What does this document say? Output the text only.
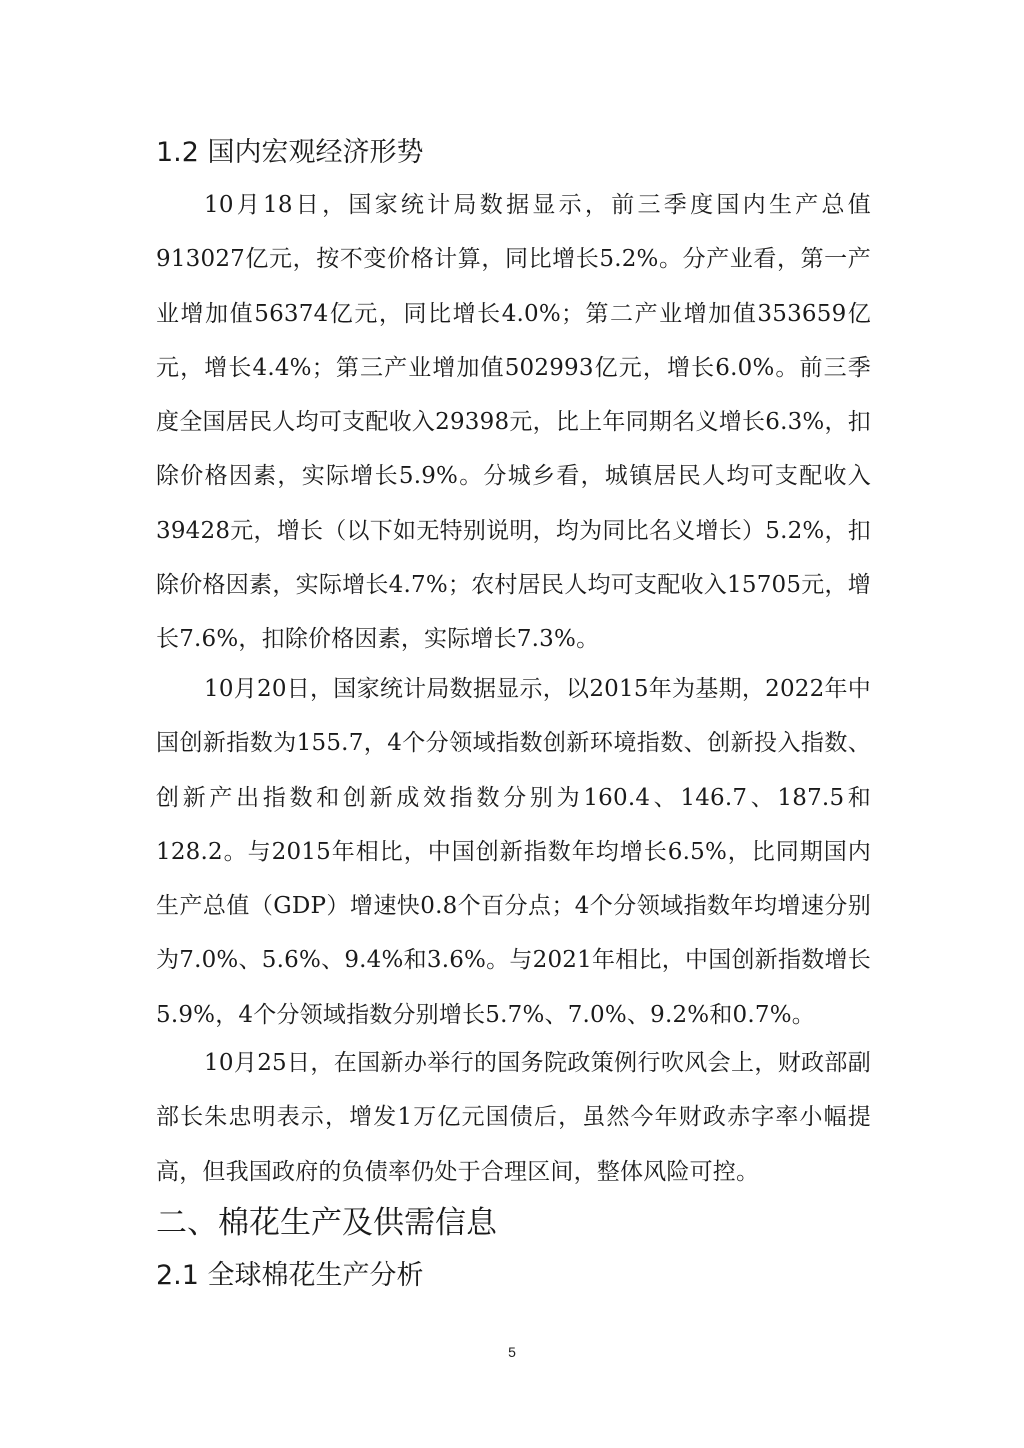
1.2 国内宏观经济形势

10月18日，国家统计局数据显示，前三季度国内生产总值913027亿元，按不变价格计算，同比增长5.2%。分产业看，第一产业增加值56374亿元，同比增长4.0%；第二产业增加值353659亿元，增长4.4%；第三产业增加值502993亿元，增长6.0%。前三季度全国居民人均可支配收入29398元，比上年同期名义增长6.3%，扣除价格因素，实际增长5.9%。分城乡看，城镇居民人均可支配收入39428元，增长（以下如无特别说明，均为同比名义增长）5.2%，扣除价格因素，实际增长4.7%；农村居民人均可支配收入15705元，增长7.6%，扣除价格因素，实际增长7.3%。

10月20日，国家统计局数据显示，以2015年为基期，2022年中国创新指数为155.7，4个分领域指数创新环境指数、创新投入指数、创新产出指数和创新成效指数分别为160.4、146.7、187.5和128.2。与2015年相比，中国创新指数年均增长6.5%，比同期国内生产总值（GDP）增速快0.8个百分点；4个分领域指数年均增速分别为7.0%、5.6%、9.4%和3.6%。与2021年相比，中国创新指数增长5.9%，4个分领域指数分别增长5.7%、7.0%、9.2%和0.7%。

10月25日，在国新办举行的国务院政策例行吹风会上，财政部副部长朱忠明表示，增发1万亿元国债后，虽然今年财政赤字率小幅提高，但我国政府的负债率仍处于合理区间，整体风险可控。

二、棉花生产及供需信息
2.1 全球棉花生产分析
5
